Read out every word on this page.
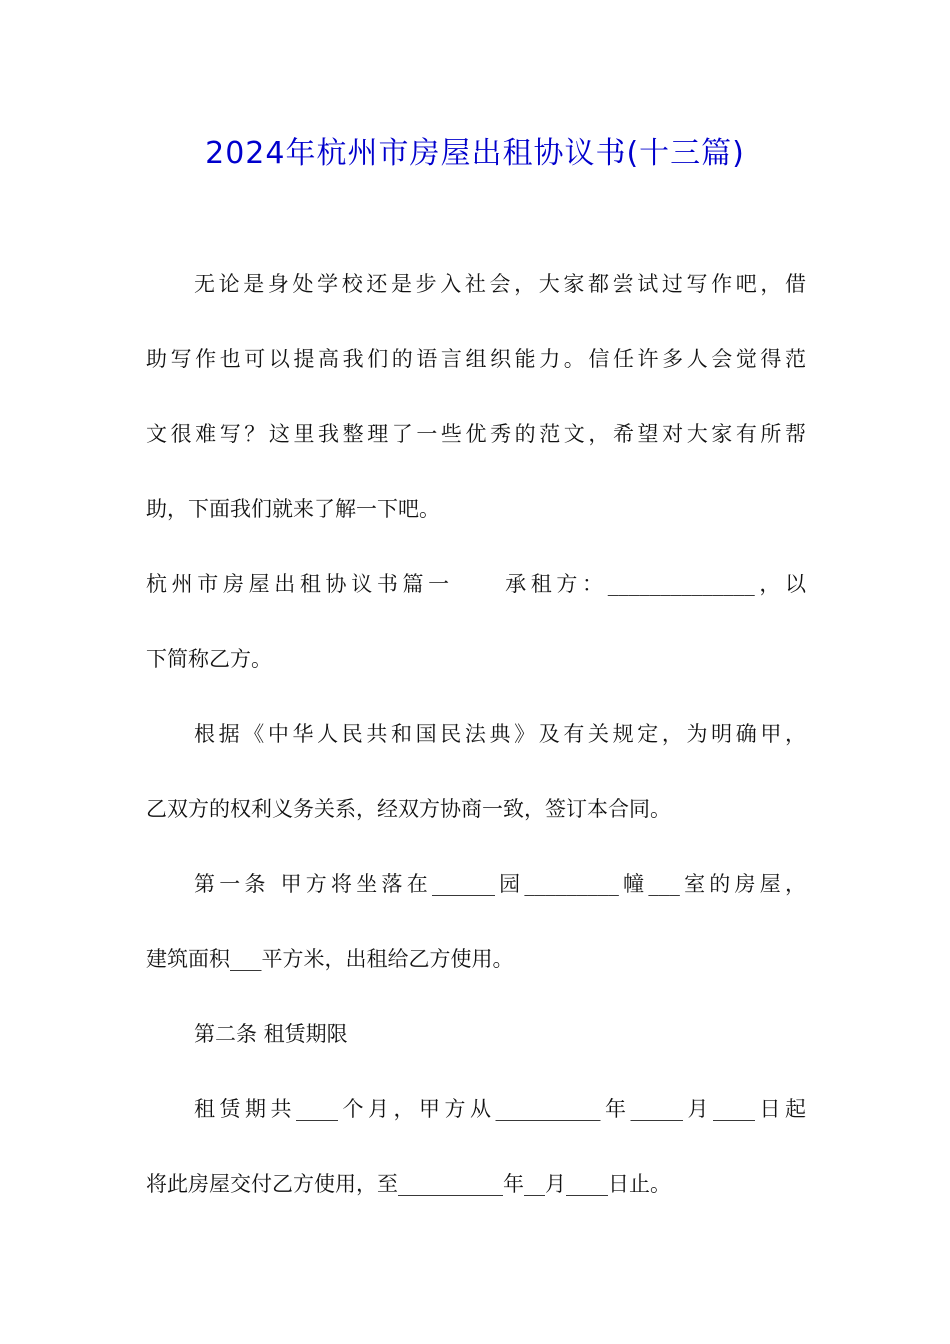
2024年杭州市房屋出租协议书(十三篇)
无论是身处学校还是步入社会，大家都尝试过写作吧，借
助写作也可以提高我们的语言组织能力。信任许多人会觉得范
文很难写？这里我整理了一些优秀的范文，希望对大家有所帮
助，下面我们就来了解一下吧。
杭州市房屋出租协议书篇一　　承租方：______________，以
下简称乙方。
根据《中华人民共和国民法典》及有关规定，为明确甲，
乙双方的权利义务关系，经双方协商一致，签订本合同。
第一条 甲方将坐落在______园_________幢___室的房屋，
建筑面积___平方米，出租给乙方使用。
第二条 租赁期限
租赁期共____个月，甲方从__________年_____月____日起
将此房屋交付乙方使用，至__________年__月____日止。
